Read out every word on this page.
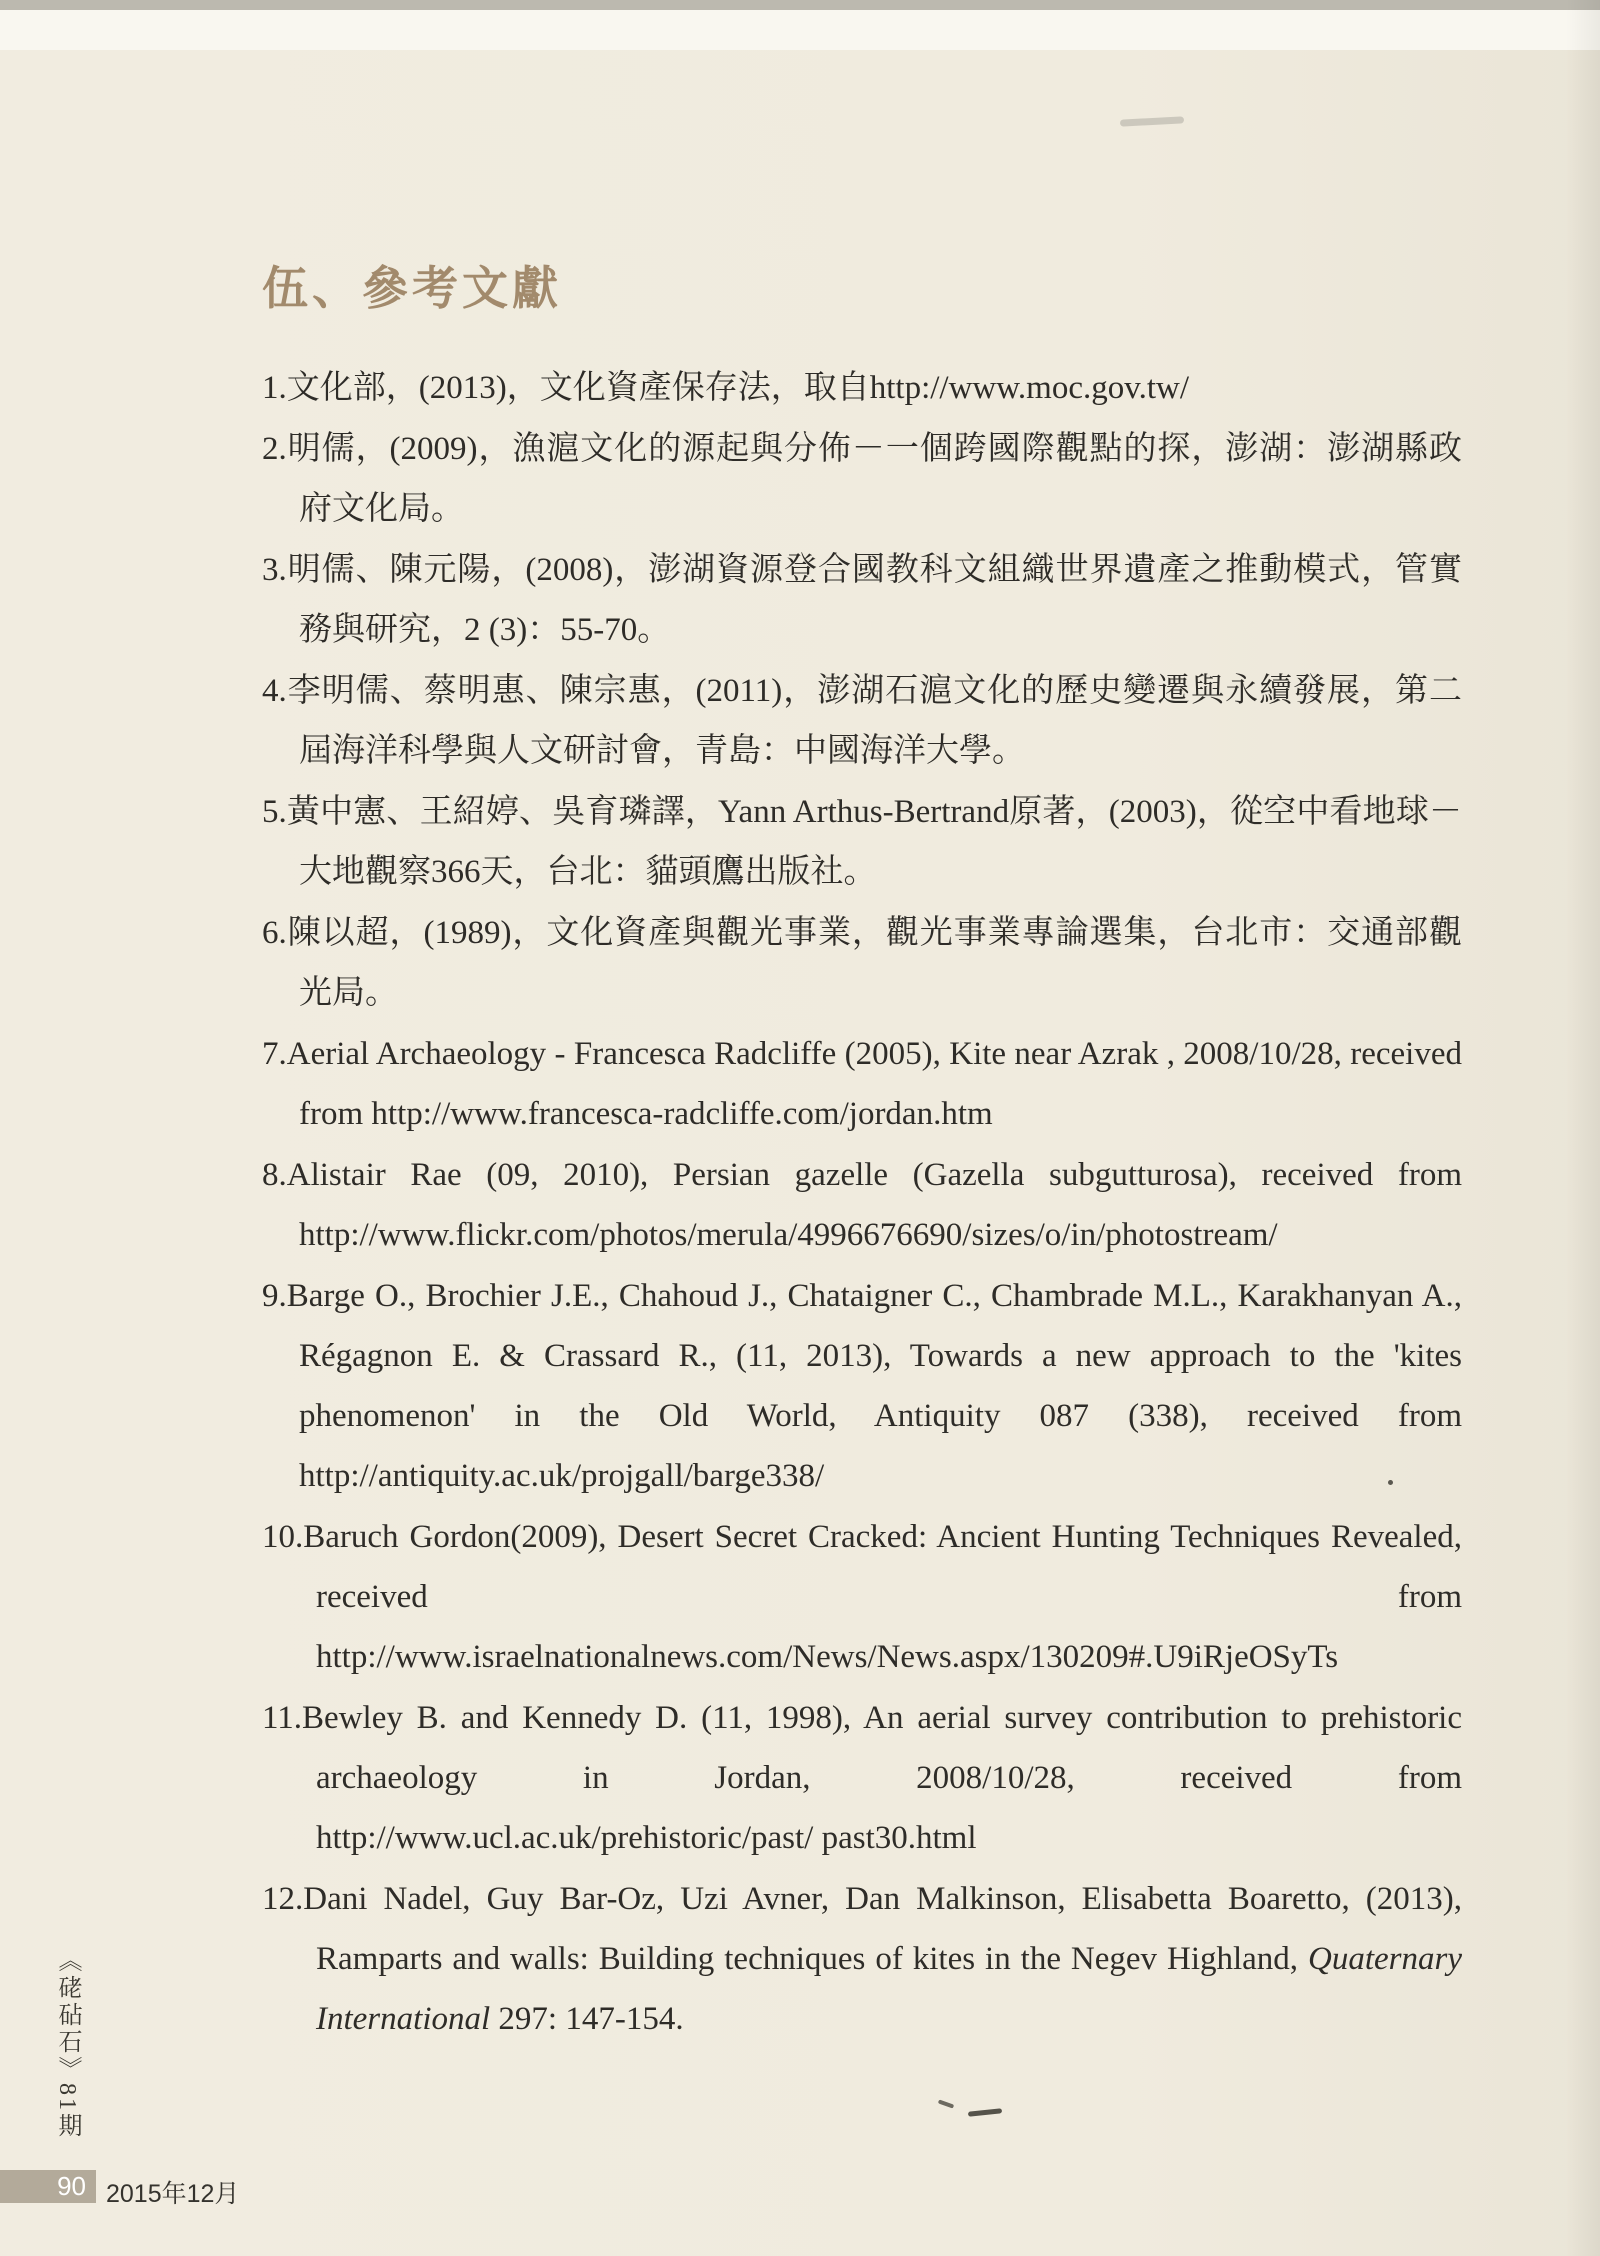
伍、參考文獻
1.文化部，(2013)，文化資產保存法，取自http://www.moc.gov.tw/
2.明儒，(2009)，漁滬文化的源起與分佈－一個跨國際觀點的探，澎湖：澎湖縣政府文化局。
3.明儒、陳元陽，(2008)，澎湖資源登合國教科文組織世界遺產之推動模式，管實務與研究，2 (3)：55-70。
4.李明儒、蔡明惠、陳宗惠，(2011)，澎湖石滬文化的歷史變遷與永續發展，第二屆海洋科學與人文研討會，青島：中國海洋大學。
5.黃中憲、王紹婷、吳育璘譯，Yann Arthus-Bertrand原著，(2003)，從空中看地球－大地觀察366天，台北：貓頭鷹出版社。
6.陳以超，(1989)，文化資產與觀光事業，觀光事業專論選集，台北市：交通部觀光局。
7.Aerial Archaeology - Francesca Radcliffe (2005), Kite near Azrak , 2008/10/28, received from http://www.francesca-radcliffe.com/jordan.htm
8.Alistair Rae (09, 2010), Persian gazelle (Gazella subgutturosa), received from http://www.flickr.com/photos/merula/4996676690/sizes/o/in/photostream/
9.Barge O., Brochier J.E., Chahoud J., Chataigner C., Chambrade M.L., Karakhanyan A., Régagnon E. & Crassard R., (11, 2013), Towards a new approach to the 'kites phenomenon' in the Old World, Antiquity 087 (338), received from http://antiquity.ac.uk/projgall/barge338/
10.Baruch Gordon(2009), Desert Secret Cracked: Ancient Hunting Techniques Revealed, received from http://www.israelnationalnews.com/News/News.aspx/130209#.U9iRjeOSyTs
11.Bewley B. and Kennedy D. (11, 1998), An aerial survey contribution to prehistoric archaeology in Jordan, 2008/10/28, received from http://www.ucl.ac.uk/prehistoric/past/ past30.html
12.Dani Nadel, Guy Bar-Oz, Uzi Avner, Dan Malkinson, Elisabetta Boaretto, (2013), Ramparts and walls: Building techniques of kites in the Negev Highland, Quaternary International 297: 147-154.
《硓砧石》81期
90 2015年12月
